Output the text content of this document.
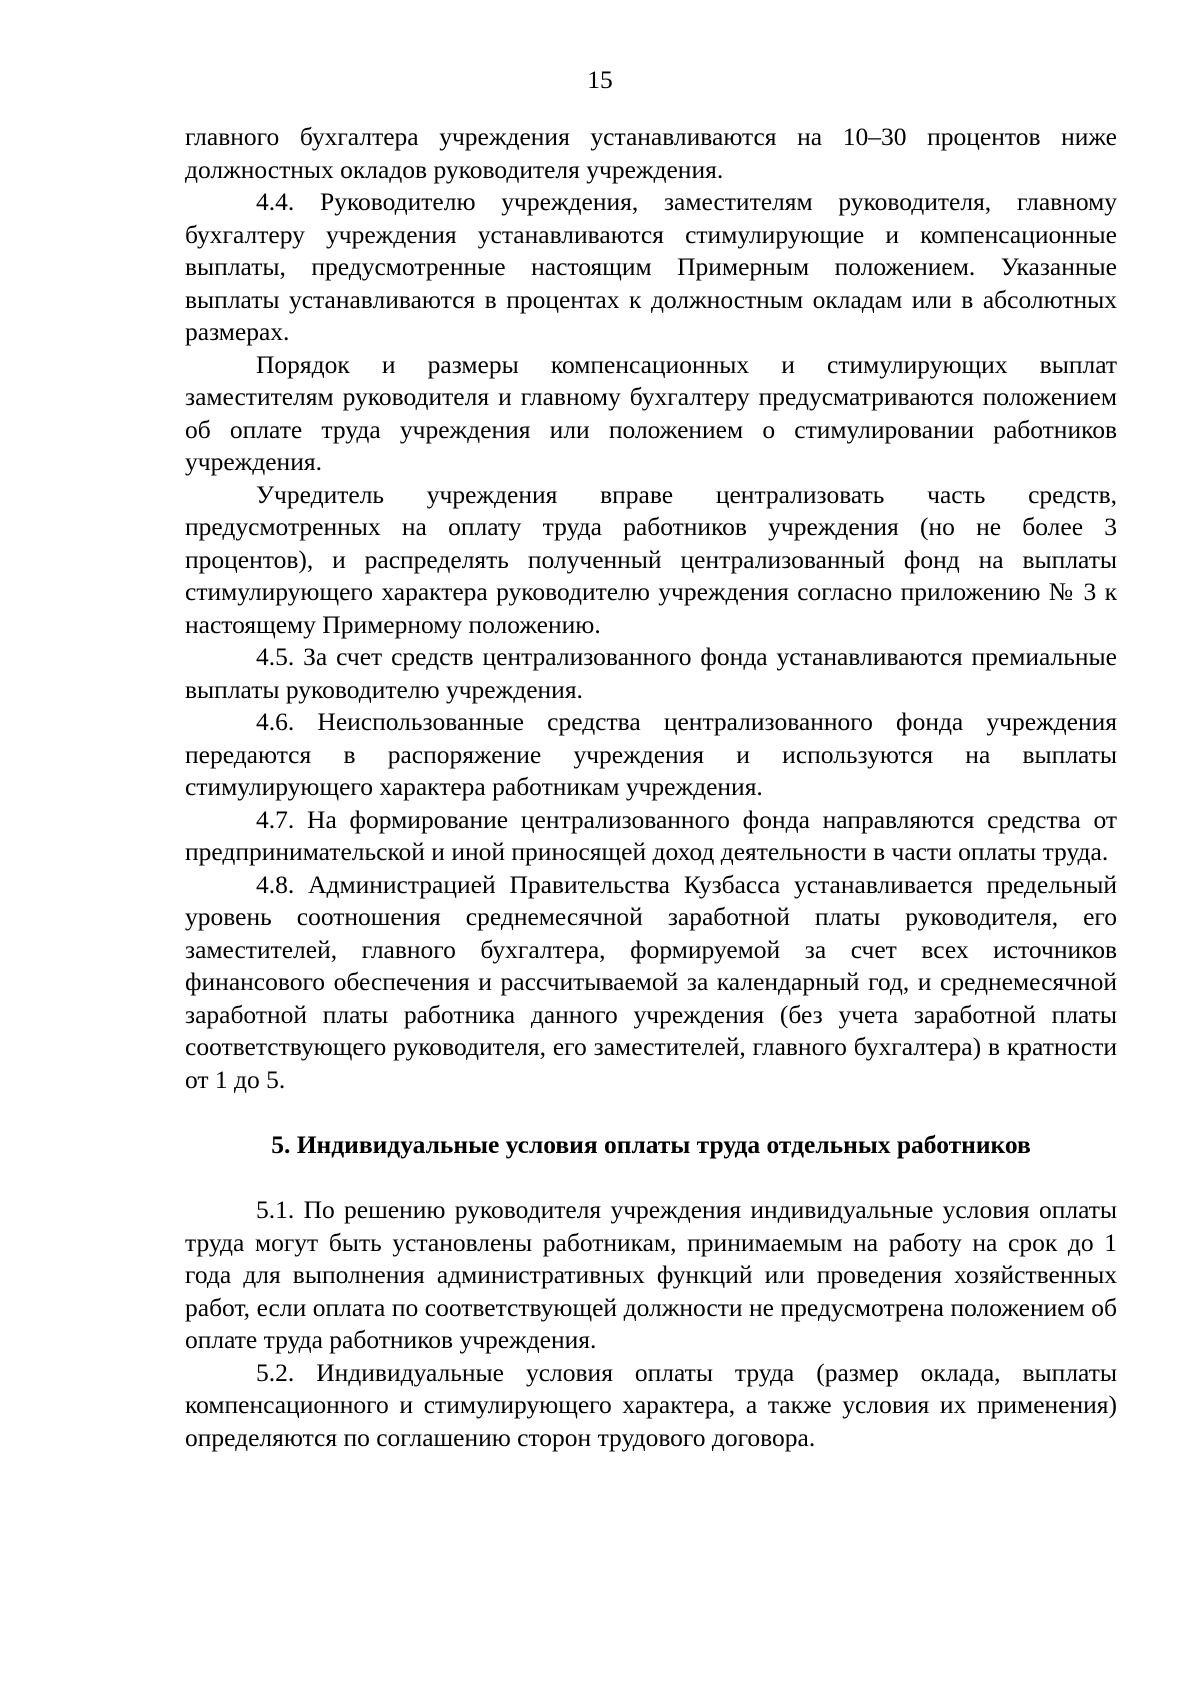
15

главного бухгалтера учреждения устанавливаются на 10–30 процентов ниже должностных окладов руководителя учреждения.

4.4. Руководителю учреждения, заместителям руководителя, главному бухгалтеру учреждения устанавливаются стимулирующие и компенсационные выплаты, предусмотренные настоящим Примерным положением. Указанные выплаты устанавливаются в процентах к должностным окладам или в абсолютных размерах.

Порядок и размеры компенсационных и стимулирующих выплат заместителям руководителя и главному бухгалтеру предусматриваются положением об оплате труда учреждения или положением о стимулировании работников учреждения.

Учредитель учреждения вправе централизовать часть средств, предусмотренных на оплату труда работников учреждения (но не более 3 процентов), и распределять полученный централизованный фонд на выплаты стимулирующего характера руководителю учреждения согласно приложению № 3 к настоящему Примерному положению.

4.5. За счет средств централизованного фонда устанавливаются премиальные выплаты руководителю учреждения.

4.6. Неиспользованные средства централизованного фонда учреждения передаются в распоряжение учреждения и используются на выплаты стимулирующего характера работникам учреждения.

4.7. На формирование централизованного фонда направляются средства от предпринимательской и иной приносящей доход деятельности в части оплаты труда.

4.8. Администрацией Правительства Кузбасса устанавливается предельный уровень соотношения среднемесячной заработной платы руководителя, его заместителей, главного бухгалтера, формируемой за счет всех источников финансового обеспечения и рассчитываемой за календарный год, и среднемесячной заработной платы работника данного учреждения (без учета заработной платы соответствующего руководителя, его заместителей, главного бухгалтера) в кратности от 1 до 5.

5. Индивидуальные условия оплаты труда отдельных работников

5.1. По решению руководителя учреждения индивидуальные условия оплаты труда могут быть установлены работникам, принимаемым на работу на срок до 1 года для выполнения административных функций или проведения хозяйственных работ, если оплата по соответствующей должности не предусмотрена положением об оплате труда работников учреждения.

5.2. Индивидуальные условия оплаты труда (размер оклада, выплаты компенсационного и стимулирующего характера, а также условия их применения) определяются по соглашению сторон трудового договора.
